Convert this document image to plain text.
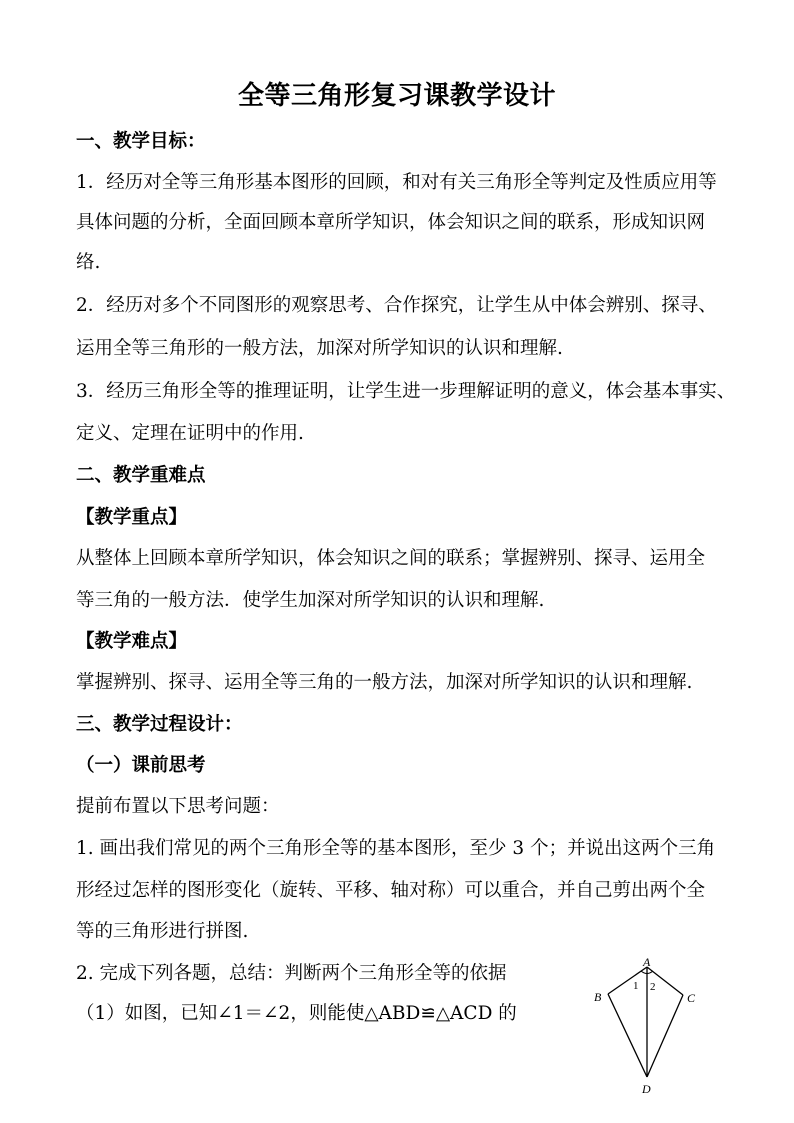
全等三角形复习课教学设计
一、教学目标：
1．经历对全等三角形基本图形的回顾，和对有关三角形全等判定及性质应用等
具体问题的分析，全面回顾本章所学知识，体会知识之间的联系，形成知识网
络.
2．经历对多个不同图形的观察思考、合作探究，让学生从中体会辨别、探寻、
运用全等三角形的一般方法，加深对所学知识的认识和理解.
3．经历三角形全等的推理证明，让学生进一步理解证明的意义，体会基本事实、
定义、定理在证明中的作用.
二、教学重难点
【教学重点】
从整体上回顾本章所学知识，体会知识之间的联系；掌握辨别、探寻、运用全
等三角的一般方法．使学生加深对所学知识的认识和理解.
【教学难点】
掌握辨别、探寻、运用全等三角的一般方法，加深对所学知识的认识和理解.
三、教学过程设计：
（一）课前思考
提前布置以下思考问题：
1. 画出我们常见的两个三角形全等的基本图形，至少 3 个；并说出这两个三角
形经过怎样的图形变化（旋转、平移、轴对称）可以重合，并自己剪出两个全
等的三角形进行拼图.
2. 完成下列各题，总结：判断两个三角形全等的依据
（1）如图，已知∠1＝∠2，则能使△ABD≌△ACD 的
A
B	C
D
1 2
